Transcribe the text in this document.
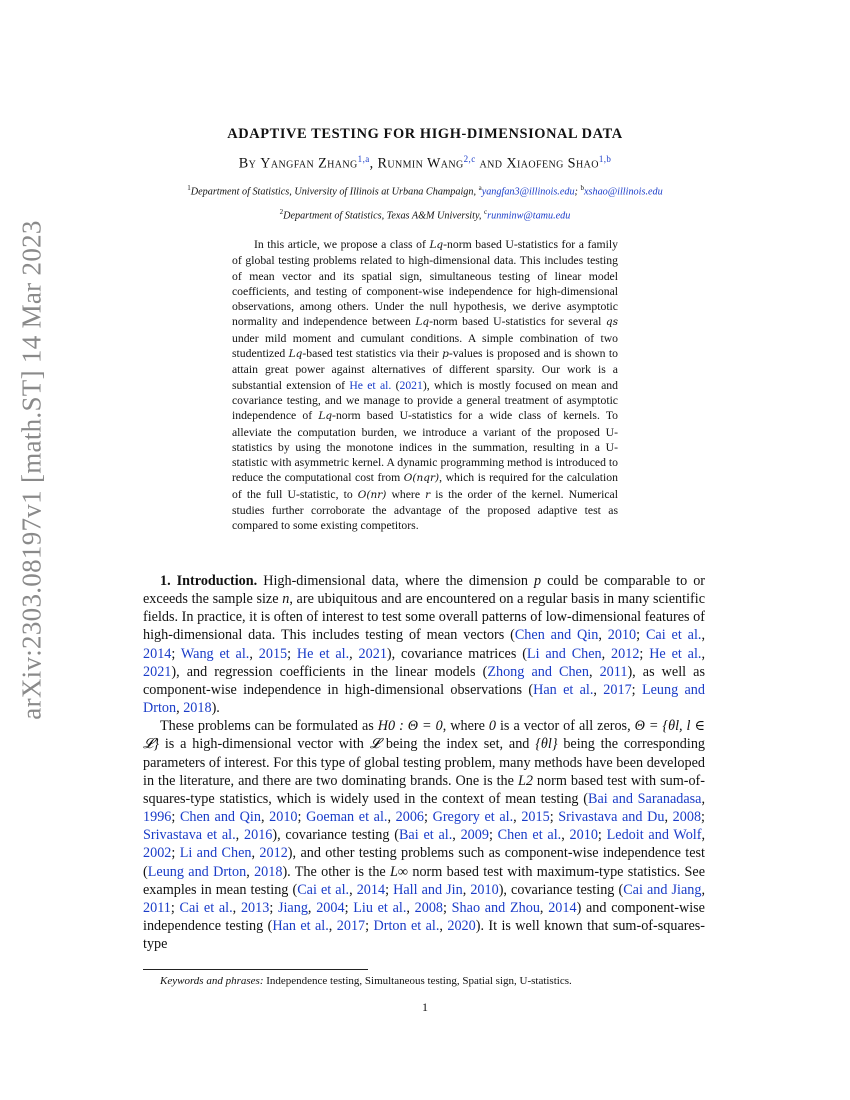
arXiv:2303.08197v1 [math.ST] 14 Mar 2023
ADAPTIVE TESTING FOR HIGH-DIMENSIONAL DATA
By Yangfan Zhang$^{1,a}$, Runmin Wang$^{2,c}$ and Xiaofeng Shao$^{1,b}$
$^1$Department of Statistics, University of Illinois at Urbana Champaign, $^a$yangfan3@illinois.edu; $^b$xshao@illinois.edu
$^2$Department of Statistics, Texas A&M University, $^c$runminw@tamu.edu
In this article, we propose a class of Lq-norm based U-statistics for a family of global testing problems related to high-dimensional data. This includes testing of mean vector and its spatial sign, simultaneous testing of linear model coefficients, and testing of component-wise independence for high-dimensional observations, among others. Under the null hypothesis, we derive asymptotic normality and independence between Lq-norm based U-statistics for several qs under mild moment and cumulant conditions. A simple combination of two studentized Lq-based test statistics via their p-values is proposed and is shown to attain great power against alternatives of different sparsity. Our work is a substantial extension of He et al. (2021), which is mostly focused on mean and covariance testing, and we manage to provide a general treatment of asymptotic independence of Lq-norm based U-statistics for a wide class of kernels. To alleviate the computation burden, we introduce a variant of the proposed U-statistics by using the monotone indices in the summation, resulting in a U-statistic with asymmetric kernel. A dynamic programming method is introduced to reduce the computational cost from O(nqr), which is required for the calculation of the full U-statistic, to O(nr) where r is the order of the kernel. Numerical studies further corroborate the advantage of the proposed adaptive test as compared to some existing competitors.

1. Introduction. High-dimensional data, where the dimension p could be comparable to or exceeds the sample size n, are ubiquitous and are encountered on a regular basis in many scientific fields. In practice, it is often of interest to test some overall patterns of low-dimensional features of high-dimensional data. This includes testing of mean vectors (Chen and Qin, 2010; Cai et al., 2014; Wang et al., 2015; He et al., 2021), covariance matrices (Li and Chen, 2012; He et al., 2021), and regression coefficients in the linear models (Zhong and Chen, 2011), as well as component-wise independence in high-dimensional observations (Han et al., 2017; Leung and Drton, 2018).

These problems can be formulated as H0 : Θ = 0, where 0 is a vector of all zeros, Θ = {θl, l ∈ 𝓛} is a high-dimensional vector with 𝓛 being the index set, and {θl} being the corresponding parameters of interest. For this type of global testing problem, many methods have been developed in the literature, and there are two dominating brands. One is the L2 norm based test with sum-of-squares-type statistics, which is widely used in the context of mean testing (Bai and Saranadasa, 1996; Chen and Qin, 2010; Goeman et al., 2006; Gregory et al., 2015; Srivastava and Du, 2008; Srivastava et al., 2016), covariance testing (Bai et al., 2009; Chen et al., 2010; Ledoit and Wolf, 2002; Li and Chen, 2012), and other testing problems such as component-wise independence test (Leung and Drton, 2018). The other is the L∞ norm based test with maximum-type statistics. See examples in mean testing (Cai et al., 2014; Hall and Jin, 2010), covariance testing (Cai and Jiang, 2011; Cai et al., 2013; Jiang, 2004; Liu et al., 2008; Shao and Zhou, 2014) and component-wise independence testing (Han et al., 2017; Drton et al., 2020). It is well known that sum-of-squares-type

Keywords and phrases: Independence testing, Simultaneous testing, Spatial sign, U-statistics.
1
